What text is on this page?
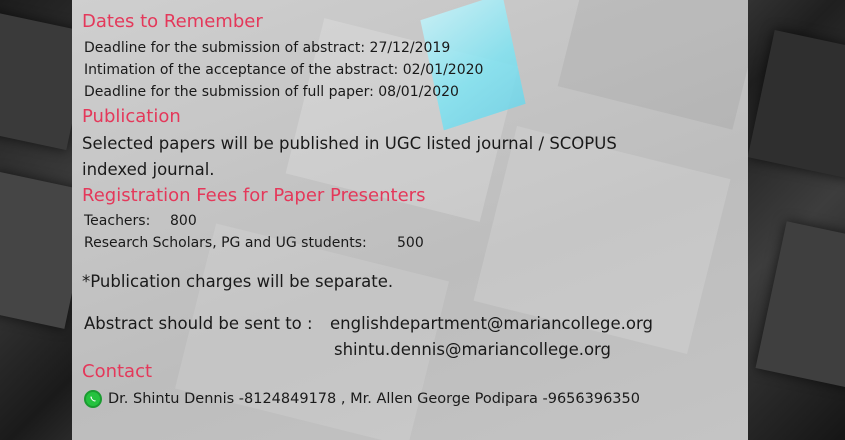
Dates to Remember
Deadline for the submission of abstract: 27/12/2019
Intimation of the acceptance of the abstract: 02/01/2020
Deadline for the submission of full paper: 08/01/2020
Publication
Selected papers will be published in UGC listed journal / SCOPUS
indexed journal.
Registration Fees for Paper Presenters
Teachers: 800
Research Scholars, PG and UG students: 500
*Publication charges will be separate.
Abstract should be sent to : englishdepartment@mariancollege.org
shintu.dennis@mariancollege.org
Contact
Dr. Shintu Dennis -8124849178 , Mr. Allen George Podipara -9656396350
